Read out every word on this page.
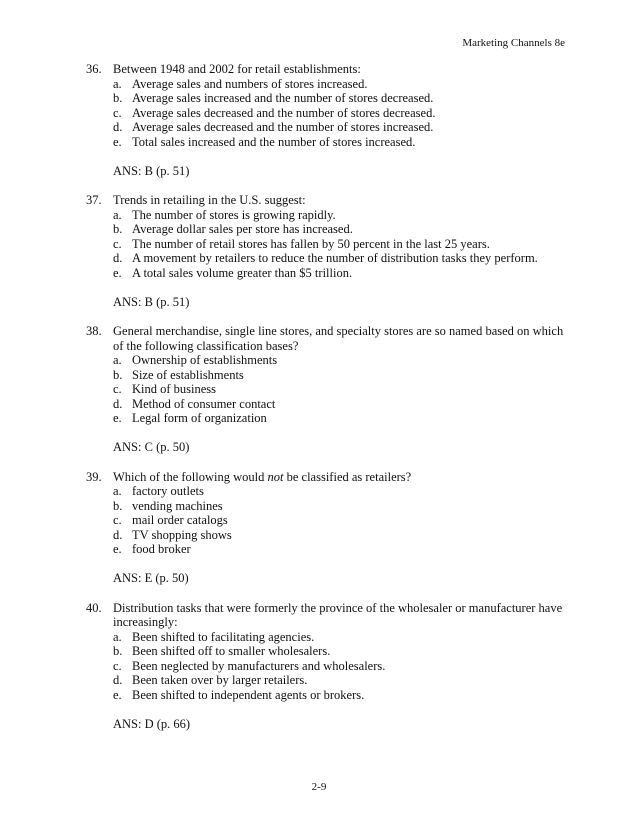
Marketing Channels 8e
36. Between 1948 and 2002 for retail establishments:
a. Average sales and numbers of stores increased.
b. Average sales increased and the number of stores decreased.
c. Average sales decreased and the number of stores decreased.
d. Average sales decreased and the number of stores increased.
e. Total sales increased and the number of stores increased.
ANS: B (p. 51)
37. Trends in retailing in the U.S. suggest:
a. The number of stores is growing rapidly.
b. Average dollar sales per store has increased.
c. The number of retail stores has fallen by 50 percent in the last 25 years.
d. A movement by retailers to reduce the number of distribution tasks they perform.
e. A total sales volume greater than $5 trillion.
ANS: B (p. 51)
38. General merchandise, single line stores, and specialty stores are so named based on which of the following classification bases?
a. Ownership of establishments
b. Size of establishments
c. Kind of business
d. Method of consumer contact
e. Legal form of organization
ANS: C (p. 50)
39. Which of the following would not be classified as retailers?
a. factory outlets
b. vending machines
c. mail order catalogs
d. TV shopping shows
e. food broker
ANS: E (p. 50)
40. Distribution tasks that were formerly the province of the wholesaler or manufacturer have increasingly:
a. Been shifted to facilitating agencies.
b. Been shifted off to smaller wholesalers.
c. Been neglected by manufacturers and wholesalers.
d. Been taken over by larger retailers.
e. Been shifted to independent agents or brokers.
ANS: D (p. 66)
2-9
